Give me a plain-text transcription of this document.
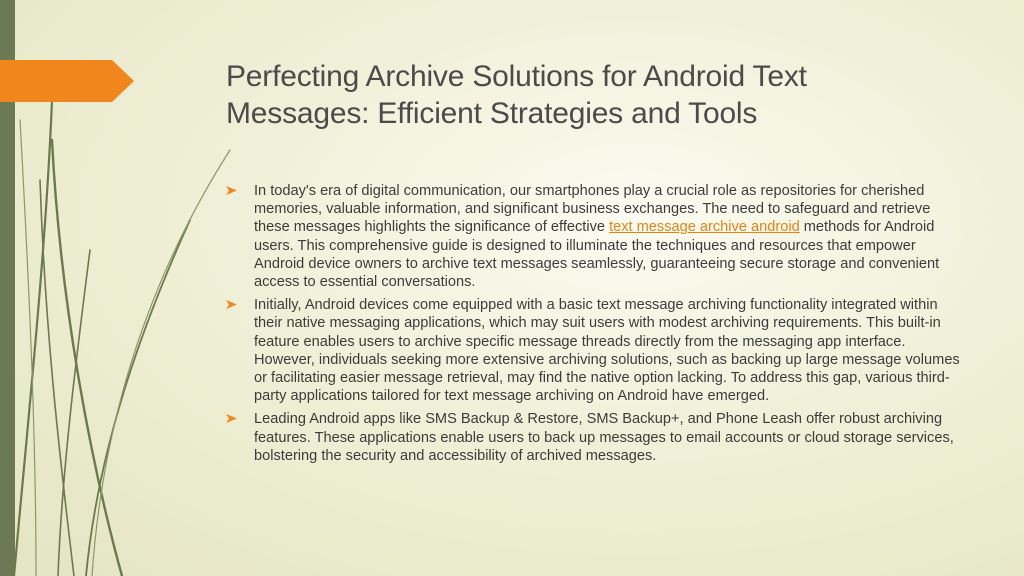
Perfecting Archive Solutions for Android Text Messages: Efficient Strategies and Tools

In today's era of digital communication, our smartphones play a crucial role as repositories for cherished memories, valuable information, and significant business exchanges. The need to safeguard and retrieve these messages highlights the significance of effective text message archive android methods for Android users. This comprehensive guide is designed to illuminate the techniques and resources that empower Android device owners to archive text messages seamlessly, guaranteeing secure storage and convenient access to essential conversations.

Initially, Android devices come equipped with a basic text message archiving functionality integrated within their native messaging applications, which may suit users with modest archiving requirements. This built-in feature enables users to archive specific message threads directly from the messaging app interface. However, individuals seeking more extensive archiving solutions, such as backing up large message volumes or facilitating easier message retrieval, may find the native option lacking. To address this gap, various third-party applications tailored for text message archiving on Android have emerged.

Leading Android apps like SMS Backup & Restore, SMS Backup+, and Phone Leash offer robust archiving features. These applications enable users to back up messages to email accounts or cloud storage services, bolstering the security and accessibility of archived messages.
